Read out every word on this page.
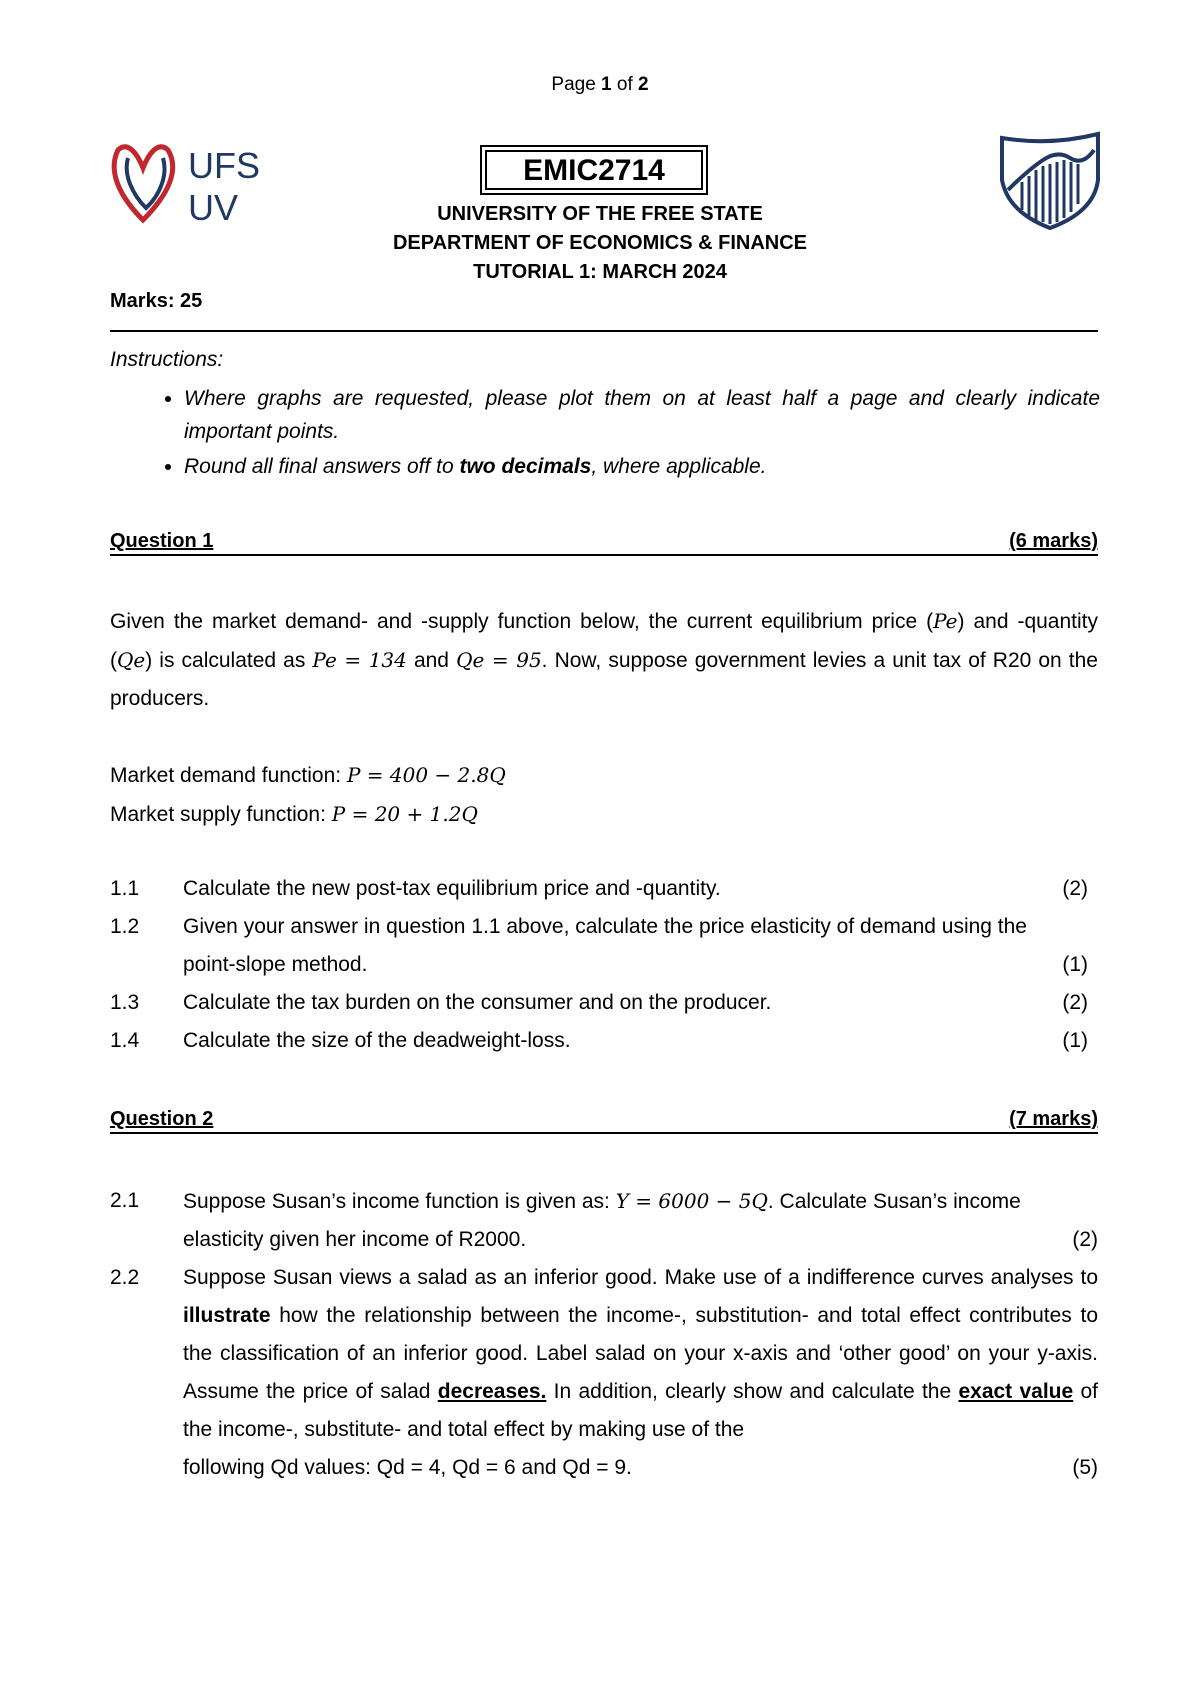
Page 1 of 2
UFS
UV
EMIC2714
UNIVERSITY OF THE FREE STATE
DEPARTMENT OF ECONOMICS & FINANCE
TUTORIAL 1: MARCH 2024
Marks: 25
Instructions:
• Where graphs are requested, please plot them on at least half a page and clearly indicate important points.
• Round all final answers off to two decimals, where applicable.
Question 1	(6 marks)
Given the market demand- and -supply function below, the current equilibrium price (Pe) and -quantity (Qe) is calculated as Pe = 134 and Qe = 95. Now, suppose government levies a unit tax of R20 on the producers.
Market demand function: P = 400 − 2.8Q
Market supply function: P = 20 + 1.2Q
1.1	Calculate the new post-tax equilibrium price and -quantity.	(2)
1.2	Given your answer in question 1.1 above, calculate the price elasticity of demand using the
point-slope method.	(1)
1.3	Calculate the tax burden on the consumer and on the producer.	(2)
1.4	Calculate the size of the deadweight-loss.	(1)
Question 2	(7 marks)
2.1	Suppose Susan’s income function is given as: Y = 6000 − 5Q. Calculate Susan’s income
elasticity given her income of R2000.	(2)
2.2	Suppose Susan views a salad as an inferior good. Make use of a indifference curves analyses to illustrate how the relationship between the income-, substitution- and total effect contributes to the classification of an inferior good. Label salad on your x-axis and ‘other good’ on your y-axis. Assume the price of salad decreases. In addition, clearly show and calculate the exact value of the income-, substitute- and total effect by making use of the
following Qd values: Qd = 4, Qd = 6 and Qd = 9.	(5)
